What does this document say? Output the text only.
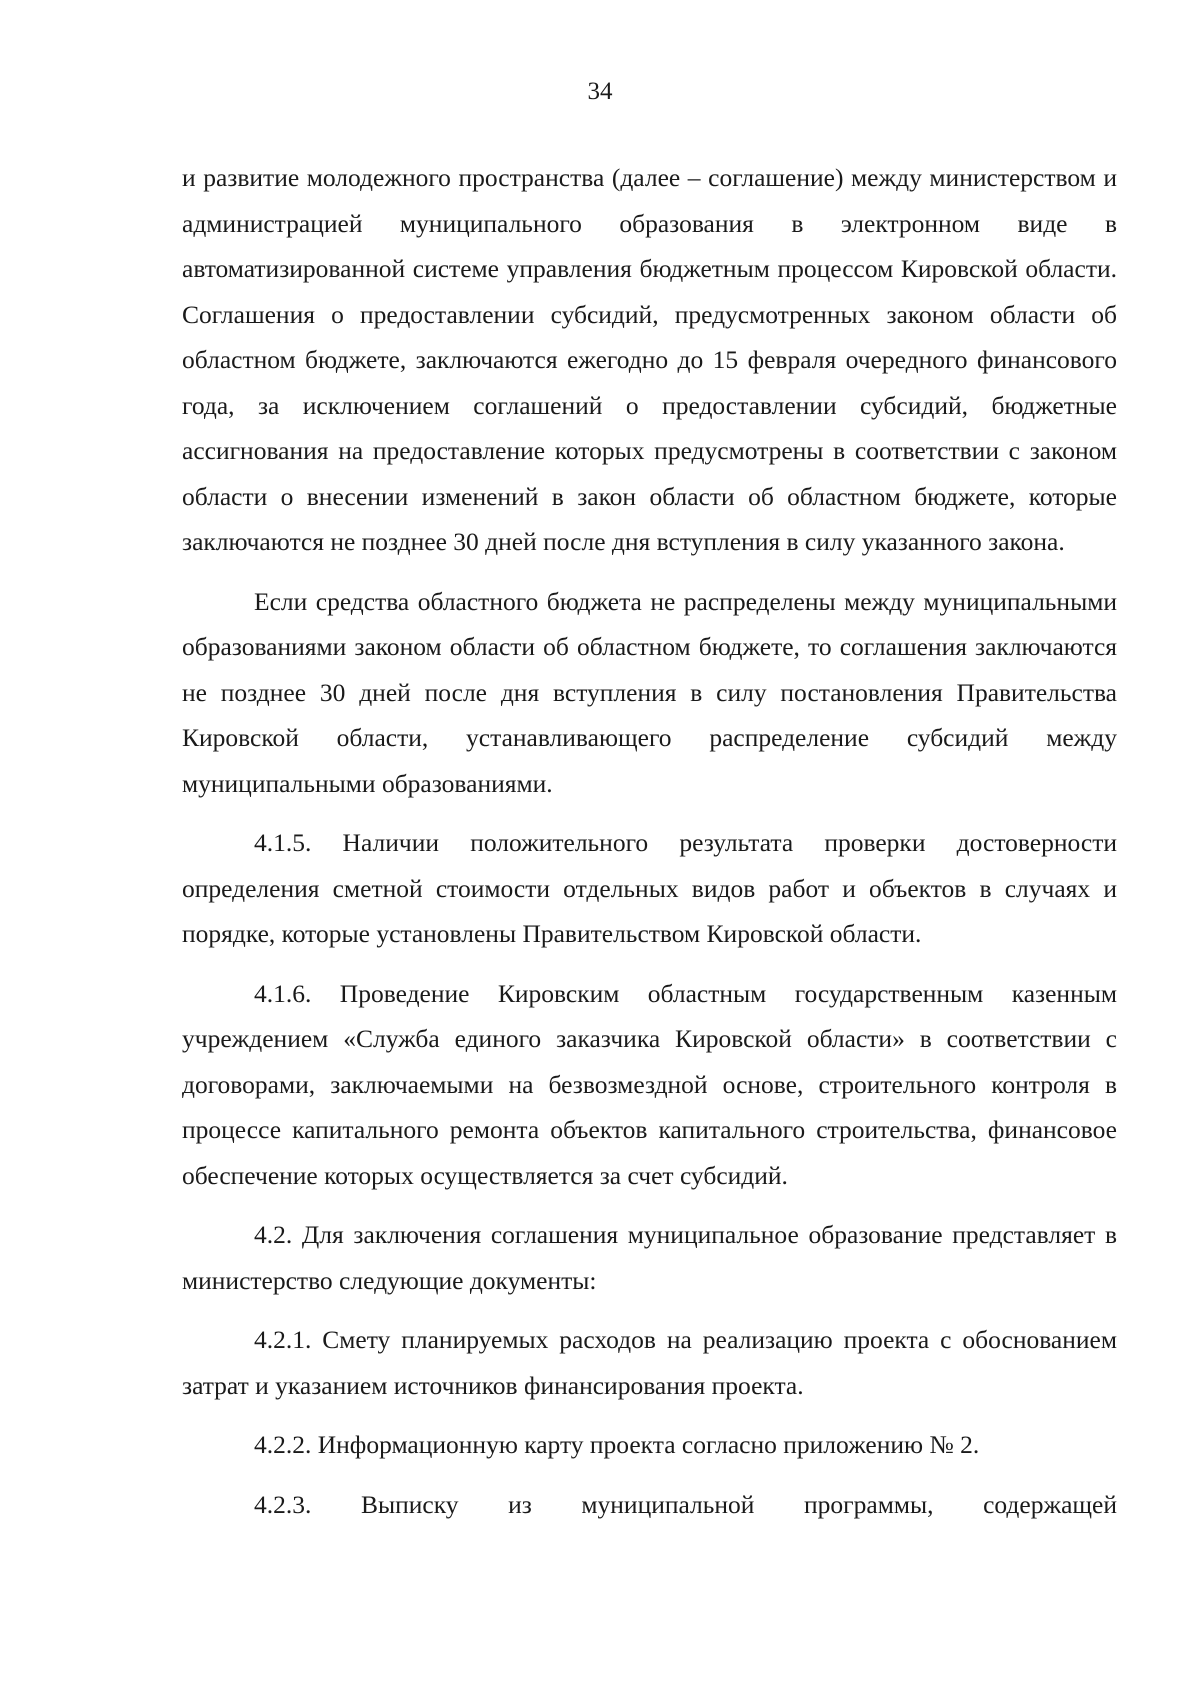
34

и развитие молодежного пространства (далее – соглашение) между министерством и администрацией муниципального образования в электронном виде в автоматизированной системе управления бюджетным процессом Кировской области. Соглашения о предоставлении субсидий, предусмотренных законом области об областном бюджете, заключаются ежегодно до 15 февраля очередного финансового года, за исключением соглашений о предоставлении субсидий, бюджетные ассигнования на предоставление которых предусмотрены в соответствии с законом области о внесении изменений в закон области об областном бюджете, которые заключаются не позднее 30 дней после дня вступления в силу указанного закона.

Если средства областного бюджета не распределены между муниципальными образованиями законом области об областном бюджете, то соглашения заключаются не позднее 30 дней после дня вступления в силу постановления Правительства Кировской области, устанавливающего распределение субсидий между муниципальными образованиями.

4.1.5. Наличии положительного результата проверки достоверности определения сметной стоимости отдельных видов работ и объектов в случаях и порядке, которые установлены Правительством Кировской области.

4.1.6. Проведение Кировским областным государственным казенным учреждением «Служба единого заказчика Кировской области» в соответствии с договорами, заключаемыми на безвозмездной основе, строительного контроля в процессе капитального ремонта объектов капитального строительства, финансовое обеспечение которых осуществляется за счет субсидий.

4.2. Для заключения соглашения муниципальное образование представляет в министерство следующие документы:

4.2.1. Смету планируемых расходов на реализацию проекта с обоснованием затрат и указанием источников финансирования проекта.

4.2.2. Информационную карту проекта согласно приложению № 2.

4.2.3. Выписку из муниципальной программы, содержащей
